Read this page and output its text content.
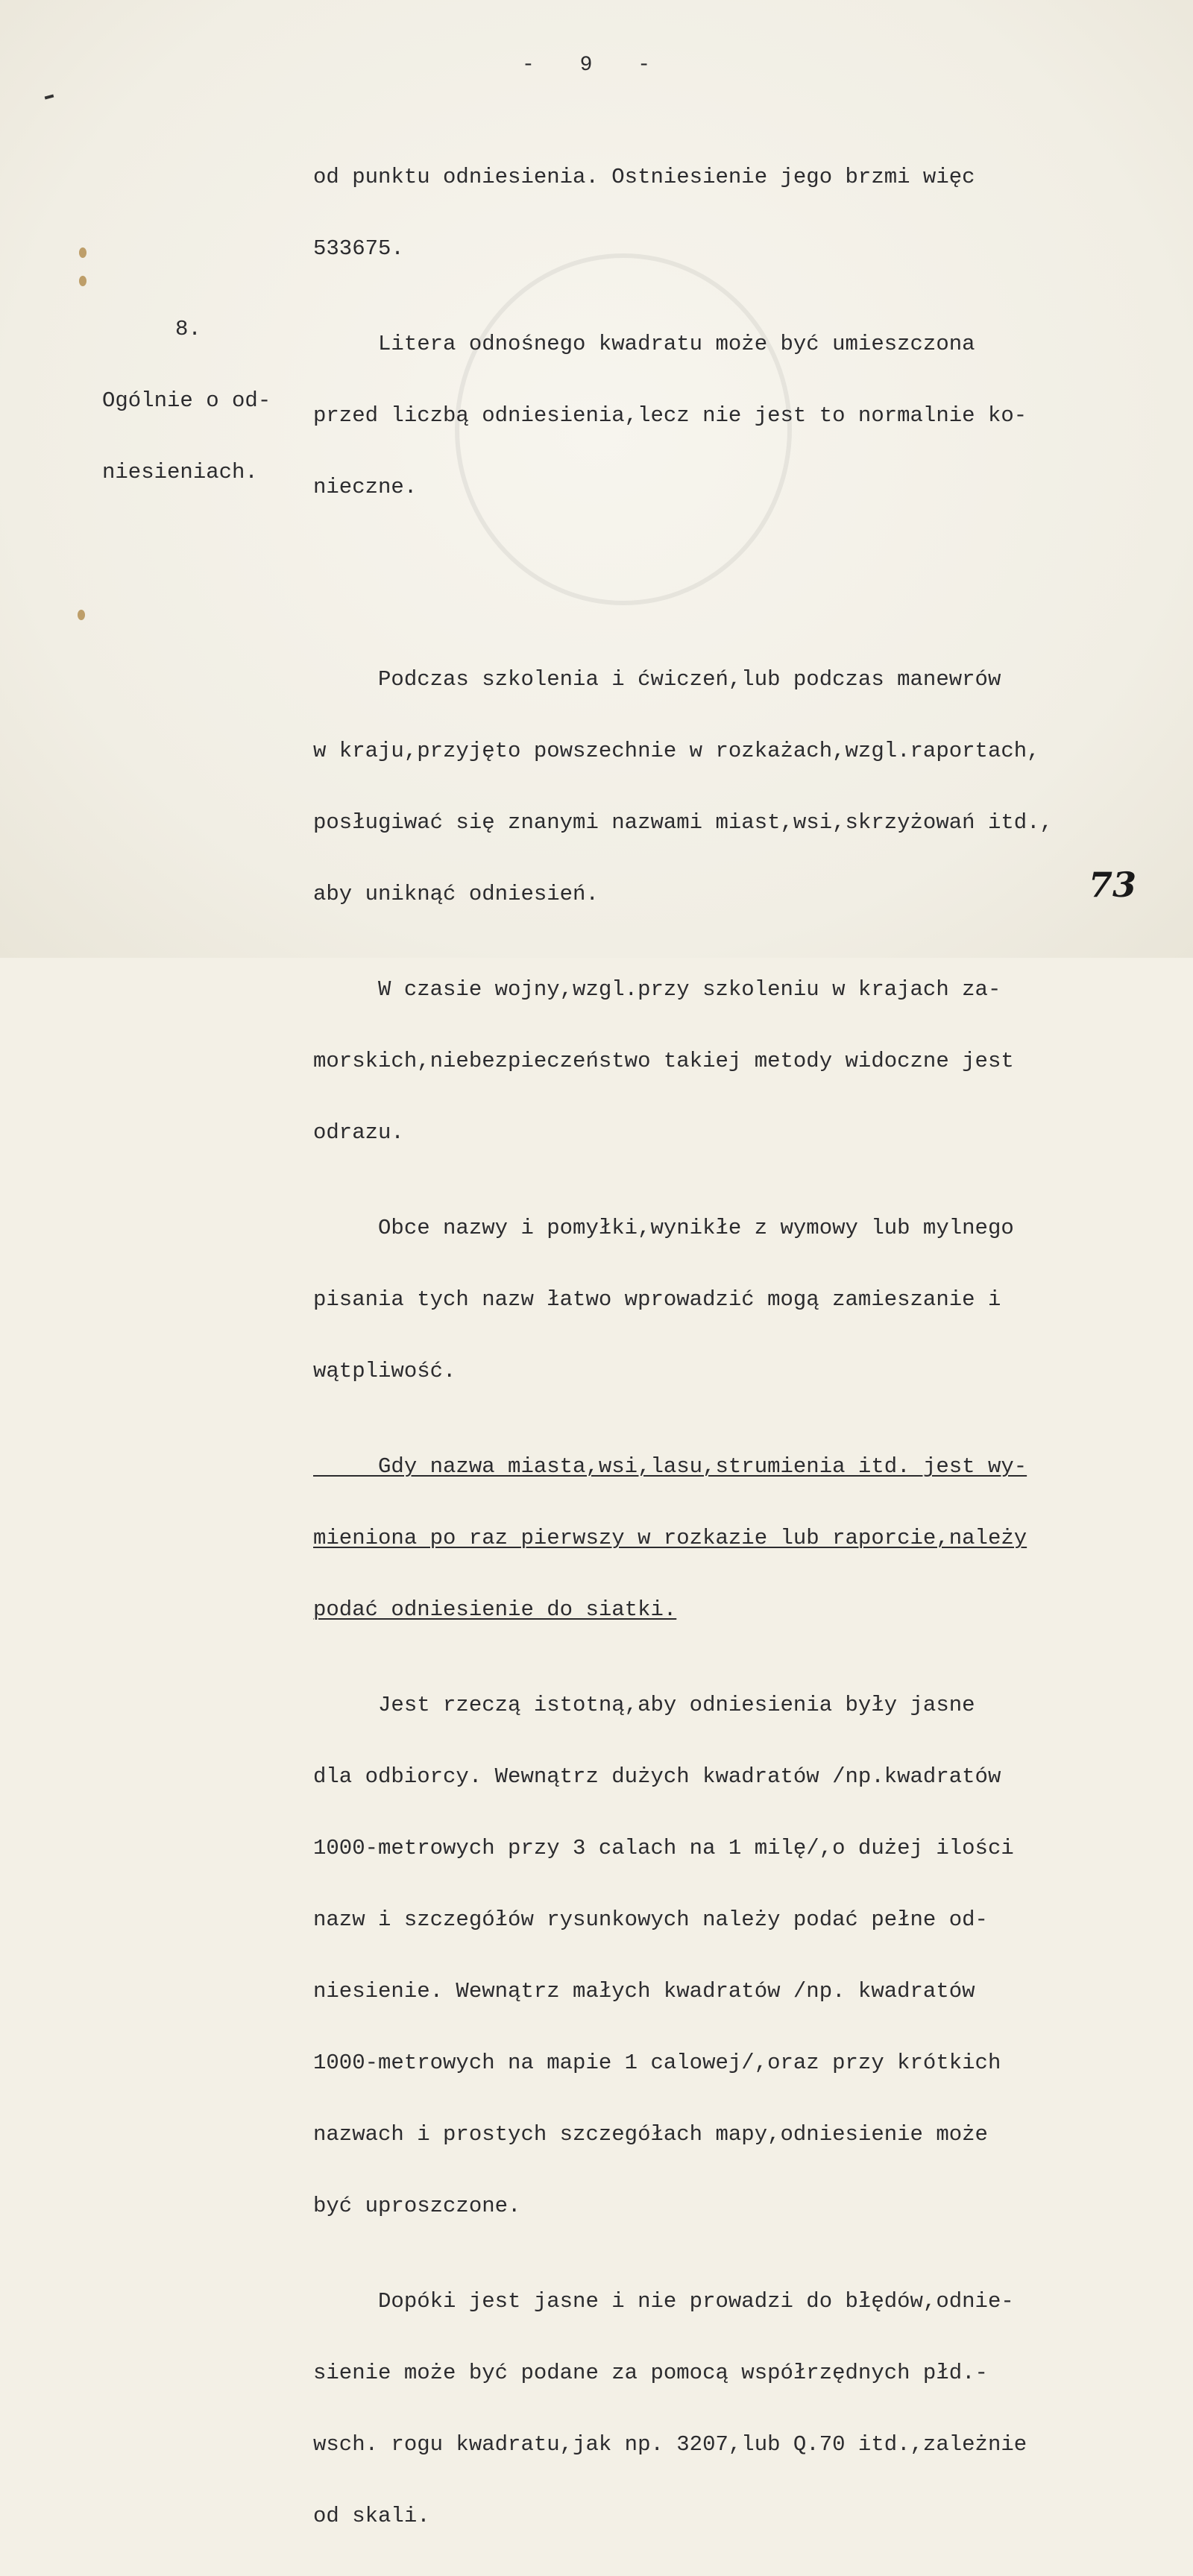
- 9 -

8.

Ogólnie o od-

niesieniach.

od punktu odniesienia. Ostniesienie jego brzmi więc

533675.

Litera odnośnego kwadratu może być umieszczona

przed liczbą odniesienia,lecz nie jest to normalnie ko-

nieczne.

Podczas szkolenia i ćwiczeń,lub podczas manewrów

w kraju,przyjęto powszechnie w rozkażach,wzgl.raportach,

posługiwać się znanymi nazwami miast,wsi,skrzyżowań itd.,

aby uniknąć odniesień.

W czasie wojny,wzgl.przy szkoleniu w krajach za-

morskich,niebezpieczeństwo takiej metody widoczne jest

odrazu.

Obce nazwy i pomyłki,wynikłe z wymowy lub mylnego

pisania tych nazw łatwo wprowadzić mogą zamieszanie i

wątpliwość.

Gdy nazwa miasta,wsi,lasu,strumienia itd. jest wy-

mieniona po raz pierwszy w rozkazie lub raporcie,należy

podać odniesienie do siatki.

Jest rzeczą istotną,aby odniesienia były jasne

dla odbiorcy. Wewnątrz dużych kwadratów /np.kwadratów

1000-metrowych przy 3 calach na 1 milę/,o dużej ilości

nazw i szczegółów rysunkowych należy podać pełne od-

niesienie. Wewnątrz małych kwadratów /np. kwadratów

1000-metrowych na mapie 1 calowej/,oraz przy krótkich

nazwach i prostych szczegółach mapy,odniesienie może

być uproszczone.

Dopóki jest jasne i nie prowadzi do błędów,odnie-

sienie może być podane za pomocą współrzędnych płd.-

wsch. rogu kwadratu,jak np. 3207,lub Q.70 itd.,zależnie

od skali.

73
